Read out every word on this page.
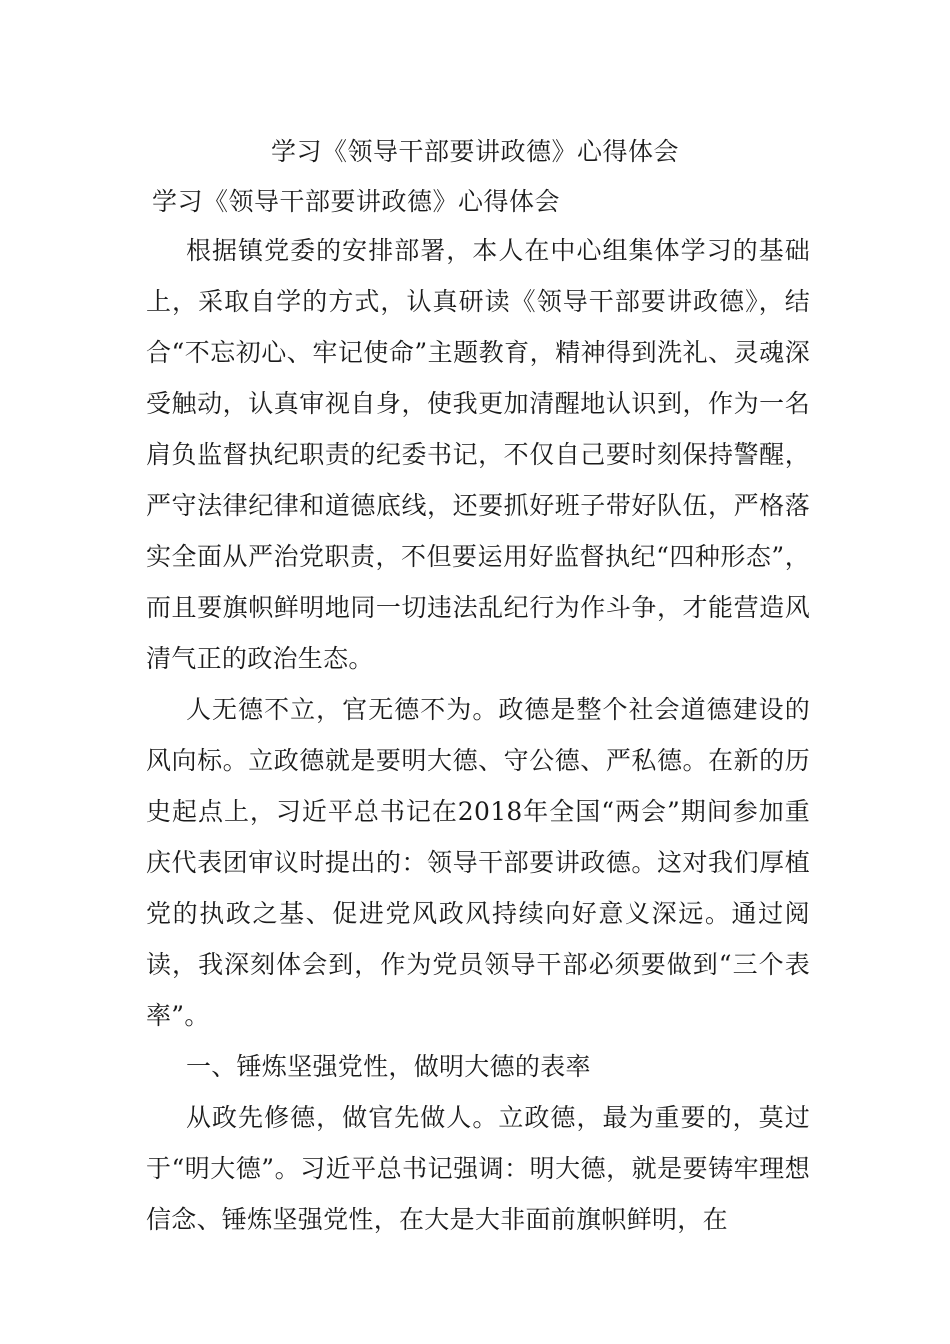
学习《领导干部要讲政德》心得体会
学习《领导干部要讲政德》心得体会

根据镇党委的安排部署，本人在中心组集体学习的基础上，采取自学的方式，认真研读《领导干部要讲政德》，结合“不忘初心、牢记使命”主题教育，精神得到洗礼、灵魂深受触动，认真审视自身，使我更加清醒地认识到，作为一名肩负监督执纪职责的纪委书记，不仅自己要时刻保持警醒，严守法律纪律和道德底线，还要抓好班子带好队伍，严格落实全面从严治党职责，不但要运用好监督执纪“四种形态”，而且要旗帜鲜明地同一切违法乱纪行为作斗争，才能营造风清气正的政治生态。

人无德不立，官无德不为。政德是整个社会道德建设的风向标。立政德就是要明大德、守公德、严私德。在新的历史起点上，习近平总书记在2018年全国“两会”期间参加重庆代表团审议时提出的：领导干部要讲政德。这对我们厚植党的执政之基、促进党风政风持续向好意义深远。通过阅读，我深刻体会到，作为党员领导干部必须要做到“三个表率”。

一、锤炼坚强党性，做明大德的表率

从政先修德，做官先做人。立政德，最为重要的，莫过于“明大德”。习近平总书记强调：明大德，就是要铸牢理想信念、锤炼坚强党性，在大是大非面前旗帜鲜明，在
